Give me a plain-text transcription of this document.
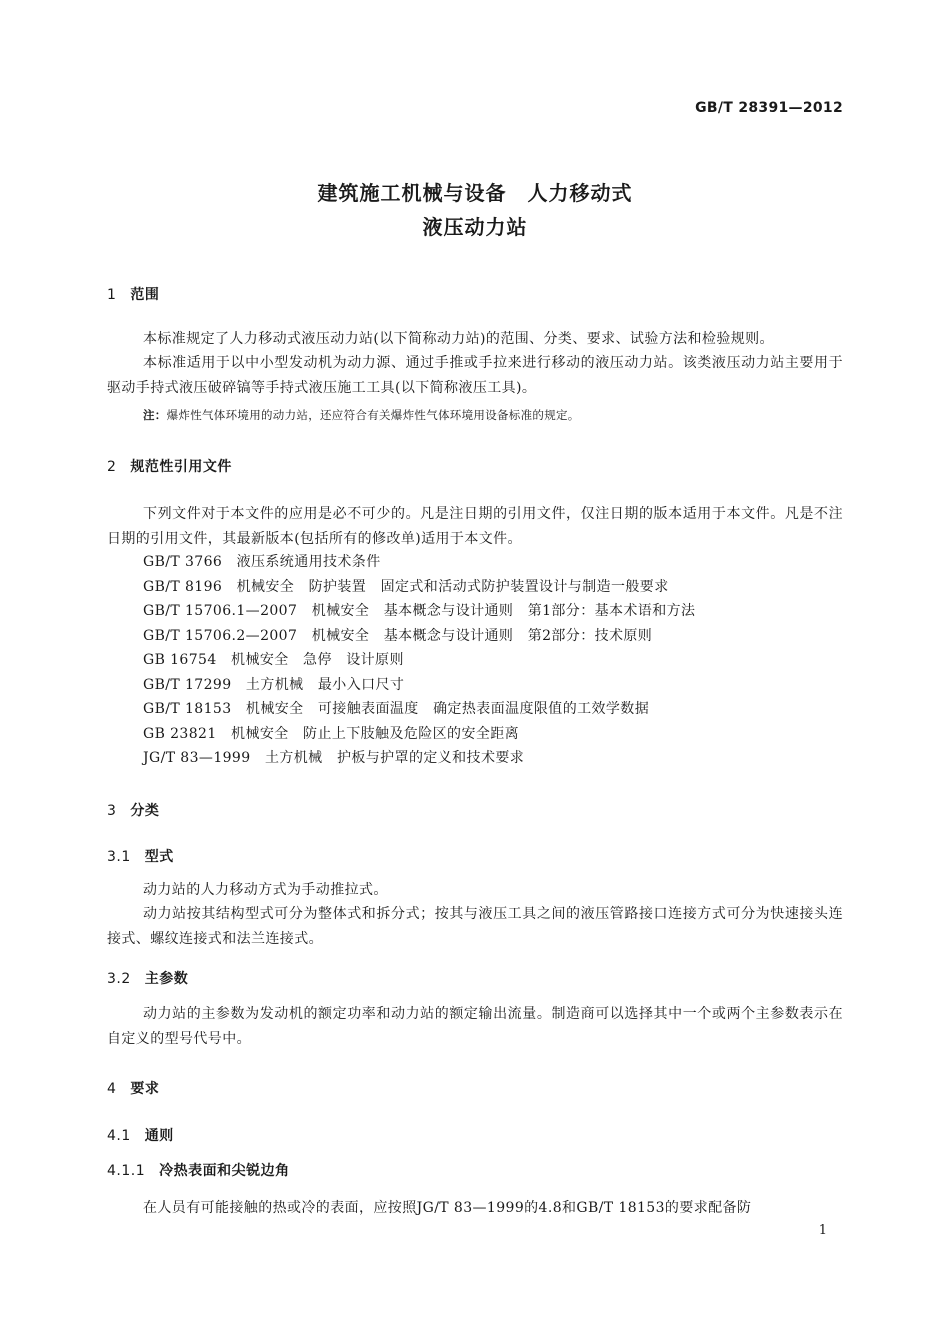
GB/T 28391—2012
建筑施工机械与设备　人力移动式
液压动力站
1 范围
本标准规定了人力移动式液压动力站(以下简称动力站)的范围、分类、要求、试验方法和检验规则。
本标准适用于以中小型发动机为动力源、通过手推或手拉来进行移动的液压动力站。该类液压动力站主要用于驱动手持式液压破碎镐等手持式液压施工工具(以下简称液压工具)。
注：爆炸性气体环境用的动力站，还应符合有关爆炸性气体环境用设备标准的规定。
2 规范性引用文件
下列文件对于本文件的应用是必不可少的。凡是注日期的引用文件，仅注日期的版本适用于本文件。凡是不注日期的引用文件，其最新版本(包括所有的修改单)适用于本文件。
GB/T 3766　液压系统通用技术条件
GB/T 8196　机械安全　防护装置　固定式和活动式防护装置设计与制造一般要求
GB/T 15706.1—2007　机械安全　基本概念与设计通则　第1部分：基本术语和方法
GB/T 15706.2—2007　机械安全　基本概念与设计通则　第2部分：技术原则
GB 16754　机械安全　急停　设计原则
GB/T 17299　土方机械　最小入口尺寸
GB/T 18153　机械安全　可接触表面温度　确定热表面温度限值的工效学数据
GB 23821　机械安全　防止上下肢触及危险区的安全距离
JG/T 83—1999　土方机械　护板与护罩的定义和技术要求
3 分类
3.1 型式
动力站的人力移动方式为手动推拉式。
动力站按其结构型式可分为整体式和拆分式；按其与液压工具之间的液压管路接口连接方式可分为快速接头连接式、螺纹连接式和法兰连接式。
3.2 主参数
动力站的主参数为发动机的额定功率和动力站的额定输出流量。制造商可以选择其中一个或两个主参数表示在自定义的型号代号中。
4 要求
4.1 通则
4.1.1 冷热表面和尖锐边角
在人员有可能接触的热或冷的表面，应按照JG/T 83—1999的4.8和GB/T 18153的要求配备防
1
